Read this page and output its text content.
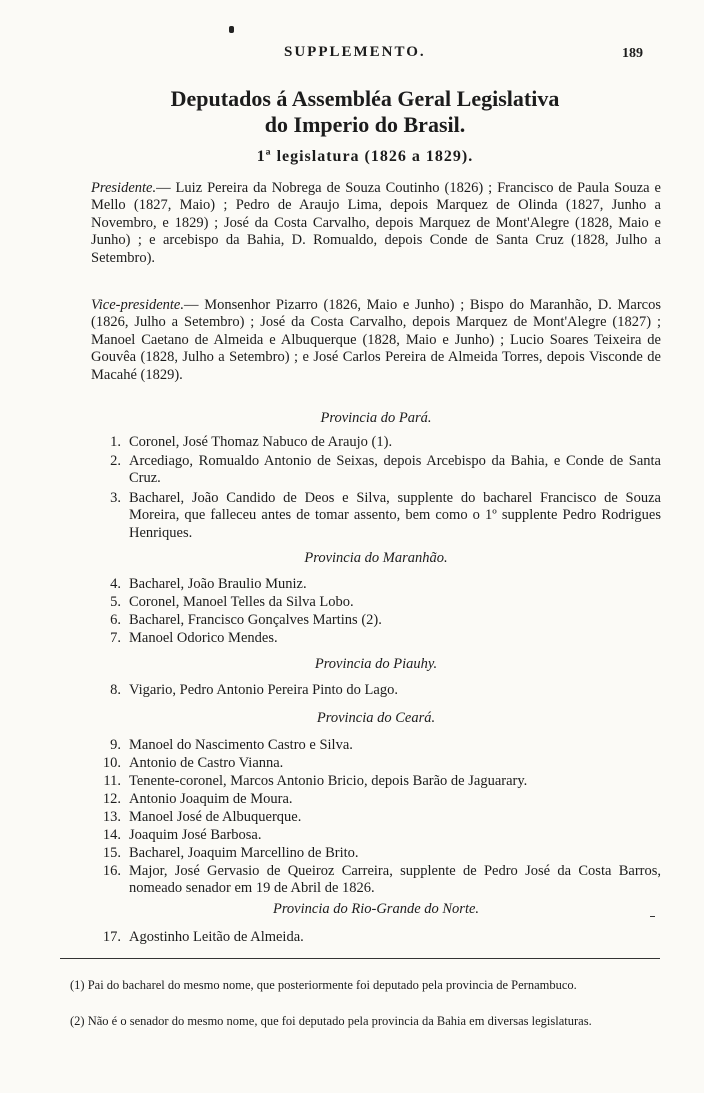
SUPPLEMENTO.	189
Deputados á Assembléa Geral Legislativa
do Imperio do Brasil.
1ª legislatura (1826 a 1829).
Presidente.— Luiz Pereira da Nobrega de Souza Coutinho (1826) ; Francisco de Paula Souza e Mello (1827, Maio) ; Pedro de Araujo Lima, depois Marquez de Olinda (1827, Junho a Novembro, e 1829) ; José da Costa Carvalho, depois Marquez de Mont'Alegre (1828, Maio e Junho) ; e arcebispo da Bahia, D. Romualdo, depois Conde de Santa Cruz (1828, Julho a Setembro).
Vice-presidente.— Monsenhor Pizarro (1826, Maio e Junho) ; Bispo do Maranhão, D. Marcos (1826, Julho a Setembro) ; José da Costa Carvalho, depois Marquez de Mont'Alegre (1827) ; Manoel Caetano de Almeida e Albuquerque (1828, Maio e Junho) ; Lucio Soares Teixeira de Gouvêa (1828, Julho a Setembro) ; e José Carlos Pereira de Almeida Torres, depois Visconde de Macahé (1829).
Provincia do Pará.
1. Coronel, José Thomaz Nabuco de Araujo (1).
2. Arcediago, Romualdo Antonio de Seixas, depois Arcebispo da Bahia, e Conde de Santa Cruz.
3. Bacharel, João Candido de Deos e Silva, supplente do bacharel Francisco de Souza Moreira, que falleceu antes de tomar assento, bem como o 1º supplente Pedro Rodrigues Henriques.
Provincia do Maranhão.
4. Bacharel, João Braulio Muniz.
5. Coronel, Manoel Telles da Silva Lobo.
6. Bacharel, Francisco Gonçalves Martins (2).
7. Manoel Odorico Mendes.
Provincia do Piauhy.
8. Vigario, Pedro Antonio Pereira Pinto do Lago.
Provincia do Ceará.
9. Manoel do Nascimento Castro e Silva.
10. Antonio de Castro Vianna.
11. Tenente-coronel, Marcos Antonio Bricio, depois Barão de Jaguarary.
12. Antonio Joaquim de Moura.
13. Manoel José de Albuquerque.
14. Joaquim José Barbosa.
15. Bacharel, Joaquim Marcellino de Brito.
16. Major, José Gervasio de Queiroz Carreira, supplente de Pedro José da Costa Barros, nomeado senador em 19 de Abril de 1826.
Provincia do Rio-Grande do Norte.
17. Agostinho Leitão de Almeida.
(1) Pai do bacharel do mesmo nome, que posteriormente foi deputado pela provincia de Pernambuco.
(2) Não é o senador do mesmo nome, que foi deputado pela provincia da Bahia em diversas legislaturas.
